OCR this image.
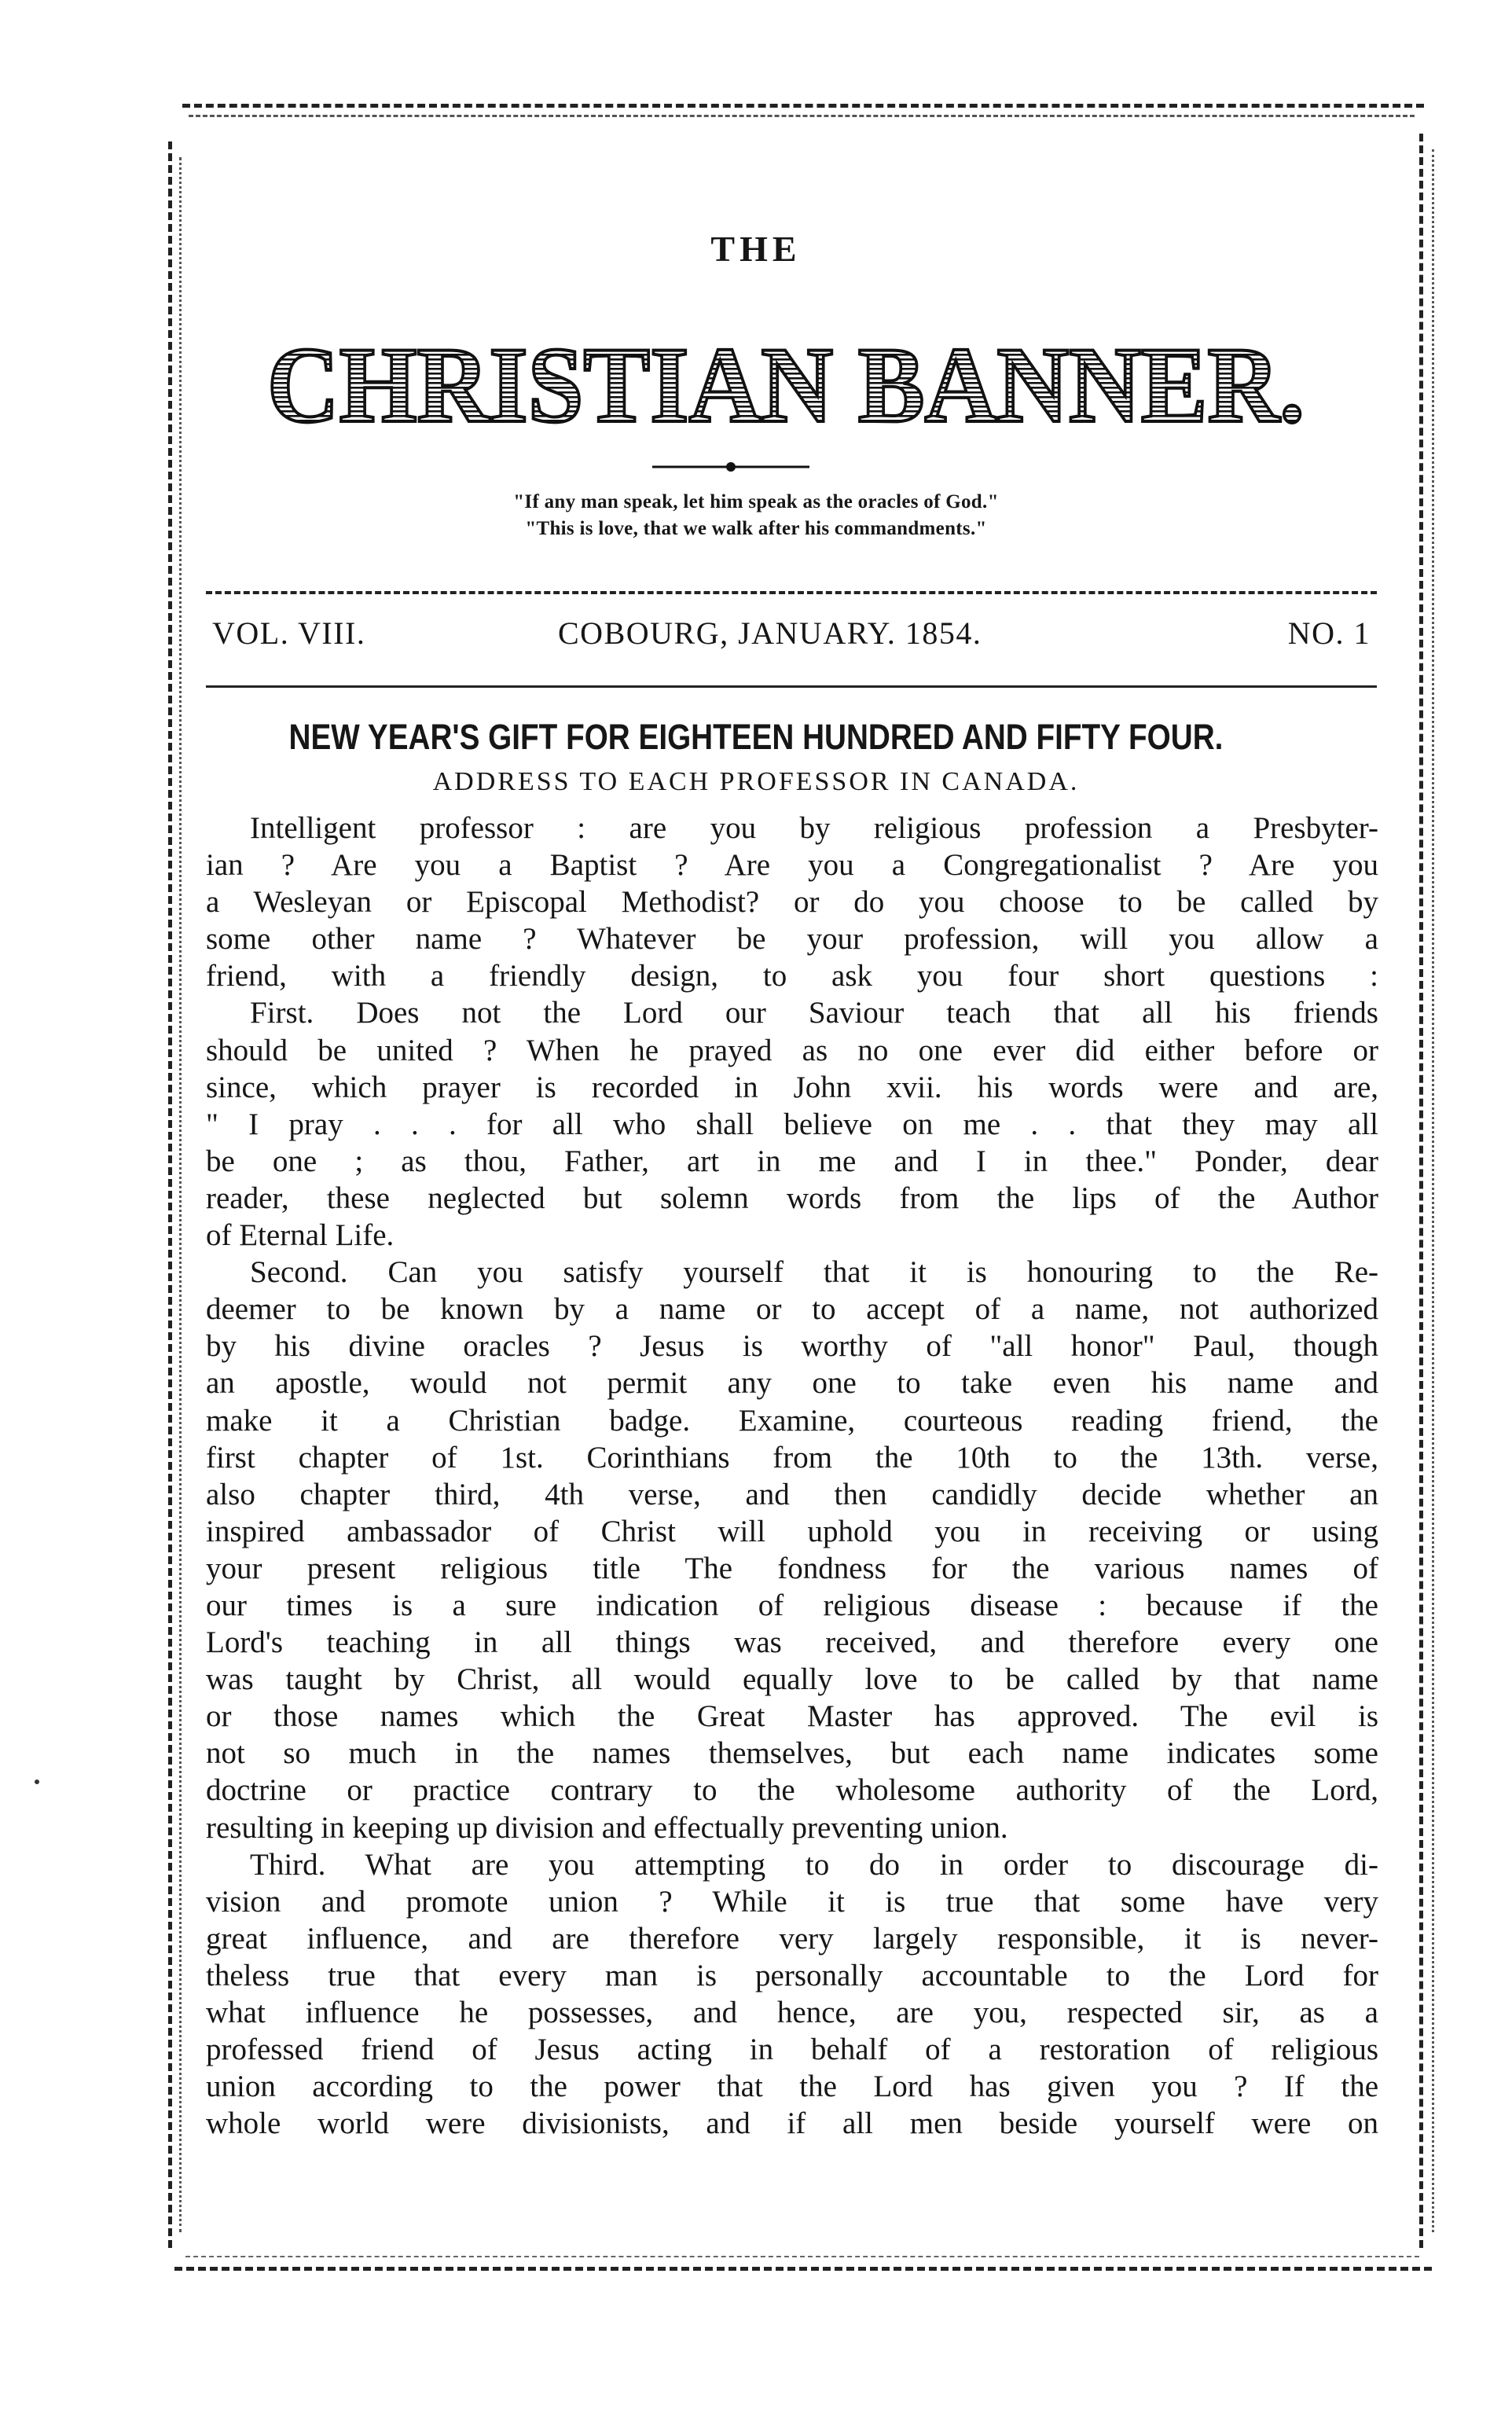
THE
CHRISTIAN BANNER.
"If any man speak, let him speak as the oracles of God."
"This is love, that we walk after his commandments."
VOL. VIII.	COBOURG, JANUARY. 1854.	NO. 1
NEW YEAR'S GIFT FOR EIGHTEEN HUNDRED AND FIFTY FOUR.
ADDRESS TO EACH PROFESSOR IN CANADA.
Intelligent professor : are you by religious profession a Presbyter-
ian ? Are you a Baptist ? Are you a Congregationalist ? Are you
a Wesleyan or Episcopal Methodist? or do you choose to be called by
some other name ? Whatever be your profession, will you allow a
friend, with a friendly design, to ask you four short questions :
First. Does not the Lord our Saviour teach that all his friends
should be united ? When he prayed as no one ever did either before or
since, which prayer is recorded in John xvii. his words were and are,
" I pray . . . for all who shall believe on me . . that they may all
be one ; as thou, Father, art in me and I in thee." Ponder, dear
reader, these neglected but solemn words from the lips of the Author
of Eternal Life.
Second. Can you satisfy yourself that it is honouring to the Re-
deemer to be known by a name or to accept of a name, not authorized
by his divine oracles ? Jesus is worthy of "all honor" Paul, though
an apostle, would not permit any one to take even his name and
make it a Christian badge. Examine, courteous reading friend, the
first chapter of 1st. Corinthians from the 10th to the 13th. verse,
also chapter third, 4th verse, and then candidly decide whether an
inspired ambassador of Christ will uphold you in receiving or using
your present religious title The fondness for the various names of
our times is a sure indication of religious disease : because if the
Lord's teaching in all things was received, and therefore every one
was taught by Christ, all would equally love to be called by that name
or those names which the Great Master has approved. The evil is
not so much in the names themselves, but each name indicates some
doctrine or practice contrary to the wholesome authority of the Lord,
resulting in keeping up division and effectually preventing union.
Third. What are you attempting to do in order to discourage di-
vision and promote union ? While it is true that some have very
great influence, and are therefore very largely responsible, it is never-
theless true that every man is personally accountable to the Lord for
what influence he possesses, and hence, are you, respected sir, as a
professed friend of Jesus acting in behalf of a restoration of religious
union according to the power that the Lord has given you ? If the
whole world were divisionists, and if all men beside yourself were on
